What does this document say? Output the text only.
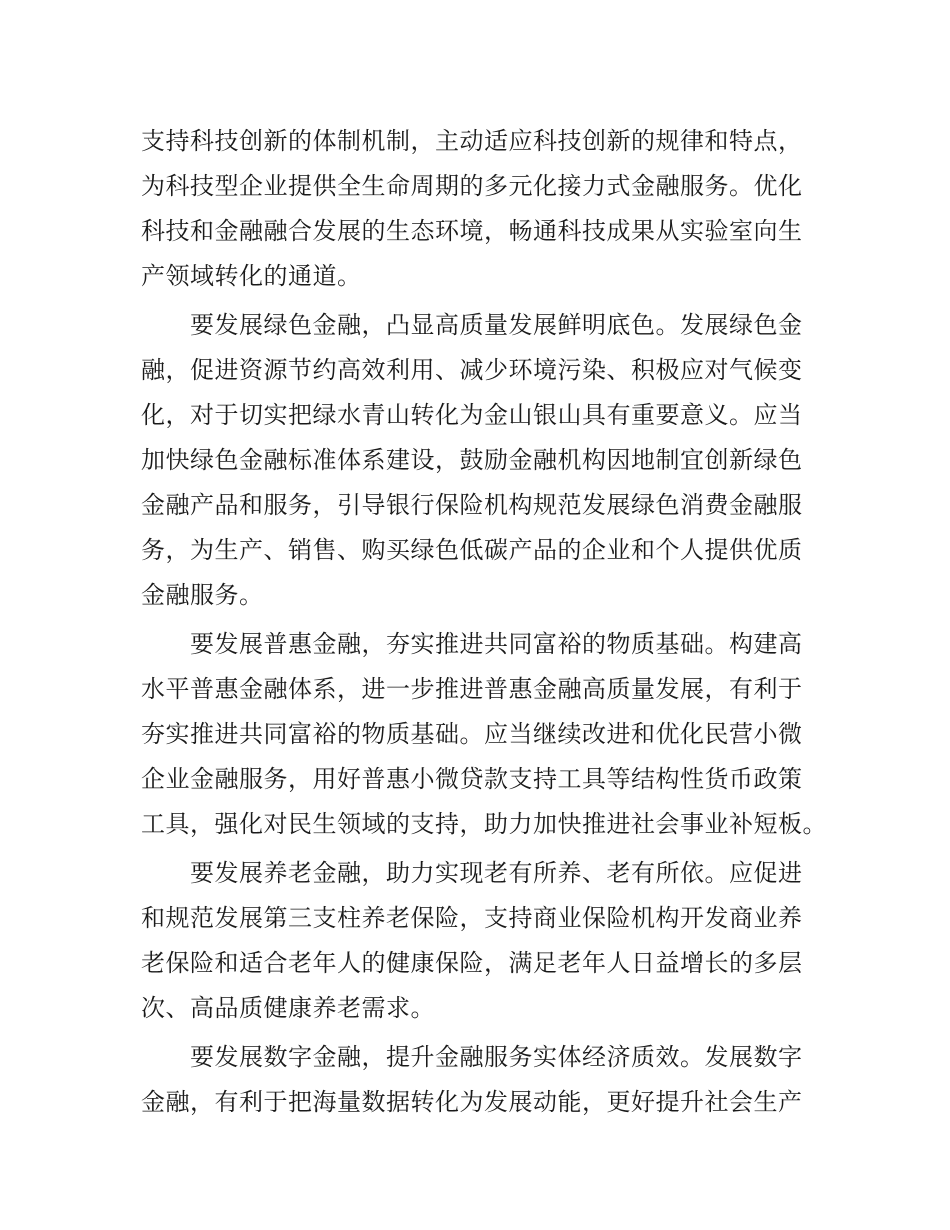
支持科技创新的体制机制，主动适应科技创新的规律和特点，
为科技型企业提供全生命周期的多元化接力式金融服务。优化
科技和金融融合发展的生态环境，畅通科技成果从实验室向生
产领域转化的通道。
　　要发展绿色金融，凸显高质量发展鲜明底色。发展绿色金
融，促进资源节约高效利用、减少环境污染、积极应对气候变
化，对于切实把绿水青山转化为金山银山具有重要意义。应当
加快绿色金融标准体系建设，鼓励金融机构因地制宜创新绿色
金融产品和服务，引导银行保险机构规范发展绿色消费金融服
务，为生产、销售、购买绿色低碳产品的企业和个人提供优质
金融服务。
　　要发展普惠金融，夯实推进共同富裕的物质基础。构建高
水平普惠金融体系，进一步推进普惠金融高质量发展，有利于
夯实推进共同富裕的物质基础。应当继续改进和优化民营小微
企业金融服务，用好普惠小微贷款支持工具等结构性货币政策
工具，强化对民生领域的支持，助力加快推进社会事业补短板。
　　要发展养老金融，助力实现老有所养、老有所依。应促进
和规范发展第三支柱养老保险，支持商业保险机构开发商业养
老保险和适合老年人的健康保险，满足老年人日益增长的多层
次、高品质健康养老需求。
　　要发展数字金融，提升金融服务实体经济质效。发展数字
金融，有利于把海量数据转化为发展动能，更好提升社会生产
